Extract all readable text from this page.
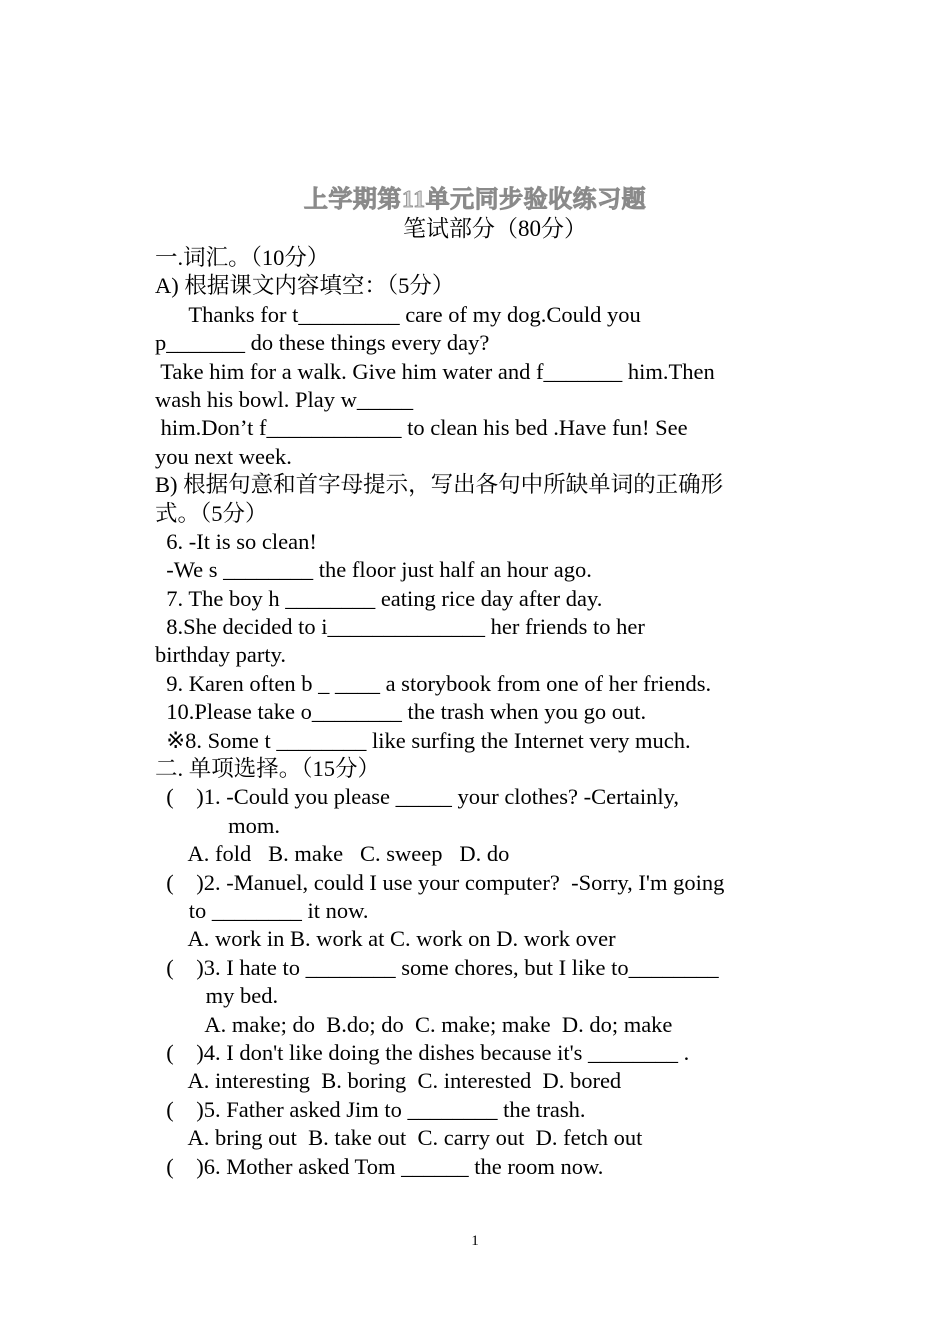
上学期第11单元同步验收练习题
笔试部分（80分）
一.词汇。（10分）
A) 根据课文内容填空：（5分）
Thanks for t_________ care of my dog.Could you
p_______ do these things every day?
Take him for a walk. Give him water and f_______ him.Then
wash his bowl. Play w_____
him.Don’t f____________ to clean his bed .Have fun! See
you next week.
B) 根据句意和首字母提示，写出各句中所缺单词的正确形
式。（5分）
6. -It is so clean!
-We s ________ the floor just half an hour ago.
7. The boy h ________ eating rice day after day.
8.She decided to i______________ her friends to her
birthday party.
9. Karen often b _ ____ a storybook from one of her friends.
10.Please take o________ the trash when you go out.
※8. Some t ________ like surfing the Internet very much.
二. 单项选择。（15分）
(    )1. -Could you please _____ your clothes? -Certainly,
mom.
A. fold   B. make   C. sweep   D. do
(    )2. -Manuel, could I use your computer?  -Sorry, I'm going
to ________ it now.
A. work in B. work at C. work on D. work over
(    )3. I hate to ________ some chores, but I like to________
my bed.
A. make; do  B.do; do  C. make; make  D. do; make
(    )4. I don't like doing the dishes because it's ________ .
A. interesting  B. boring  C. interested  D. bored
(    )5. Father asked Jim to ________ the trash.
A. bring out  B. take out  C. carry out  D. fetch out
(    )6. Mother asked Tom ______ the room now.
1
